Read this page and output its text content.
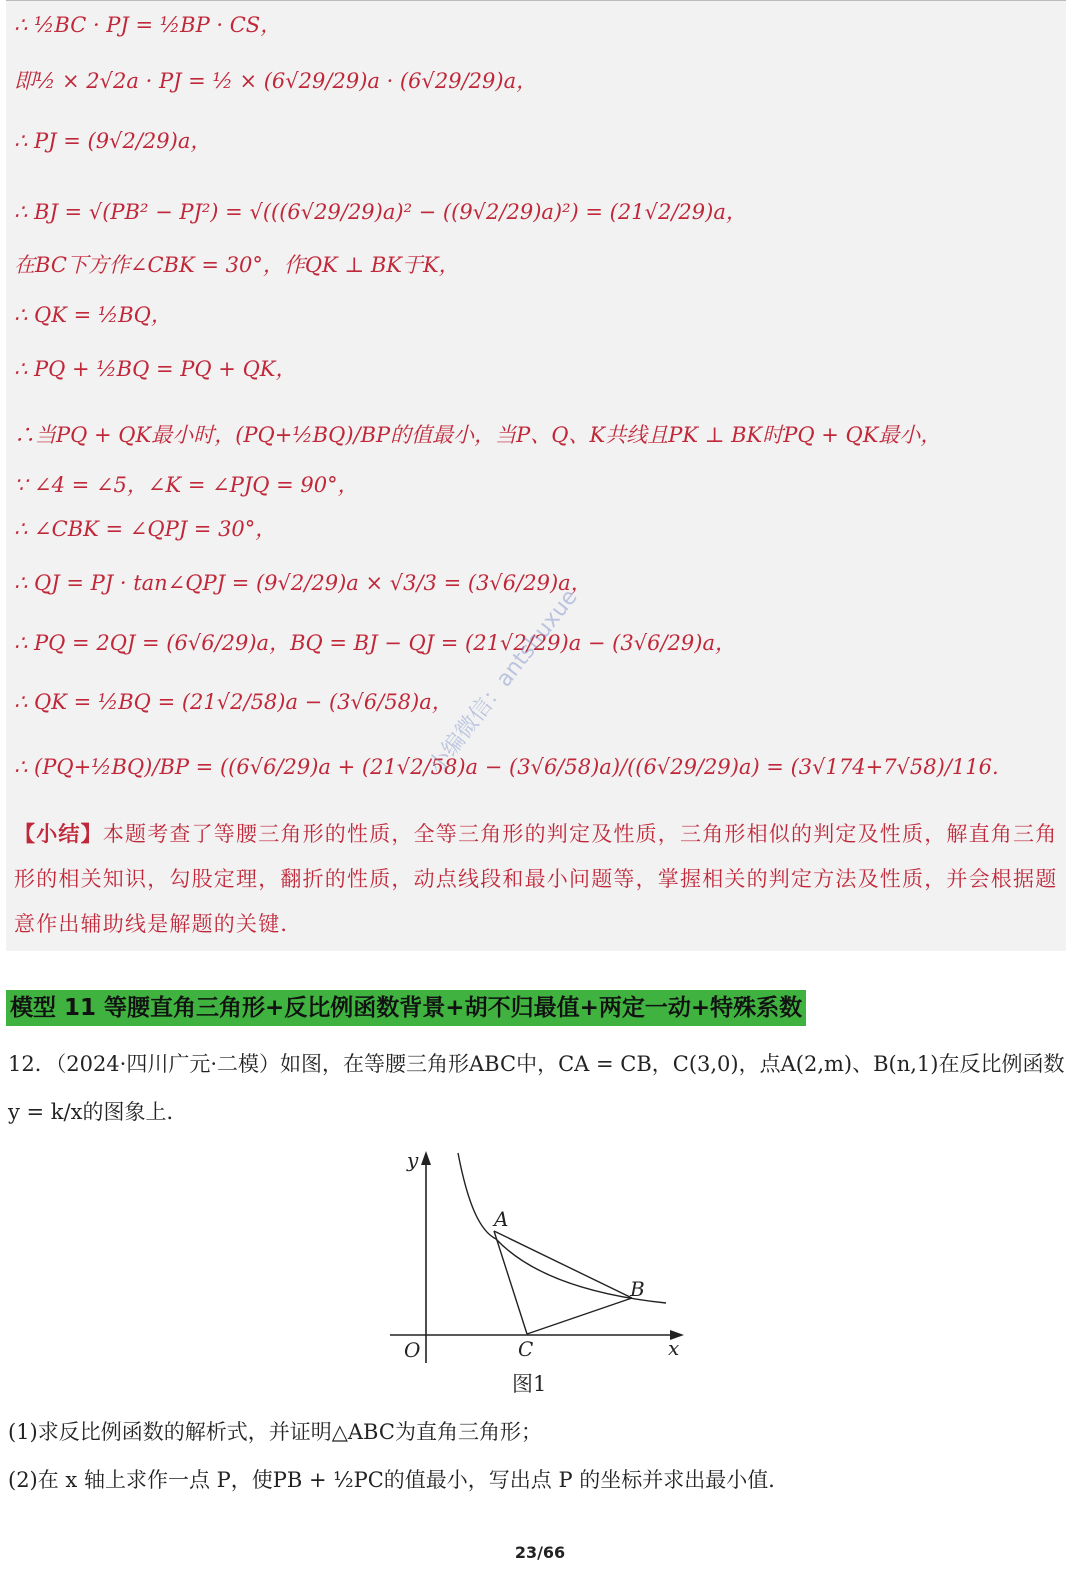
∴ ½BC · PJ = ½BP · CS，
即½ × 2√2a · PJ = ½ × (6√29/29)a · (6√29/29)a，
∴ PJ = (9√2/29)a，
∴ BJ = √(PB² − PJ²) = √(((6√29/29)a)² − ((9√2/29)a)²) = (21√2/29)a，
在BC下方作∠CBK = 30°，作QK ⊥ BK于K，
∴ QK = ½BQ，
∴ PQ + ½BQ = PQ + QK，
∴当PQ + QK最小时，(PQ+½BQ)/BP的值最小，当P、Q、K共线且PK ⊥ BK时PQ + QK最小，
∵ ∠4 = ∠5，∠K = ∠PJQ = 90°，
∴ ∠CBK = ∠QPJ = 30°，
∴ QJ = PJ · tan∠QPJ = (9√2/29)a × √3/3 = (3√6/29)a，
∴ PQ = 2QJ = (6√6/29)a，BQ = BJ − QJ = (21√2/29)a − (3√6/29)a，
∴ QK = ½BQ = (21√2/58)a − (3√6/58)a，
∴ (PQ+½BQ)/BP = ((6√6/29)a + (21√2/58)a − (3√6/58)a)/((6√29/29)a) = (3√174+7√58)/116.
【小结】本题考查了等腰三角形的性质，全等三角形的判定及性质，三角形相似的判定及性质，解直角三角形的相关知识，勾股定理，翻折的性质，动点线段和最小问题等，掌握相关的判定方法及性质，并会根据题意作出辅助线是解题的关键．
小编微信：antshuxue
模型 11 等腰直角三角形+反比例函数背景+胡不归最值+两定一动+特殊系数
12．（2024·四川广元·二模）如图，在等腰三角形ABC中，CA = CB，C(3,0)，点A(2,m)、B(n,1)在反比例函数y = k/x的图象上．
y
x
O
A
B
C
图1
(1)求反比例函数的解析式，并证明△ABC为直角三角形；
(2)在 x 轴上求作一点 P，使PB + ½PC的值最小，写出点 P 的坐标并求出最小值．
23/66
